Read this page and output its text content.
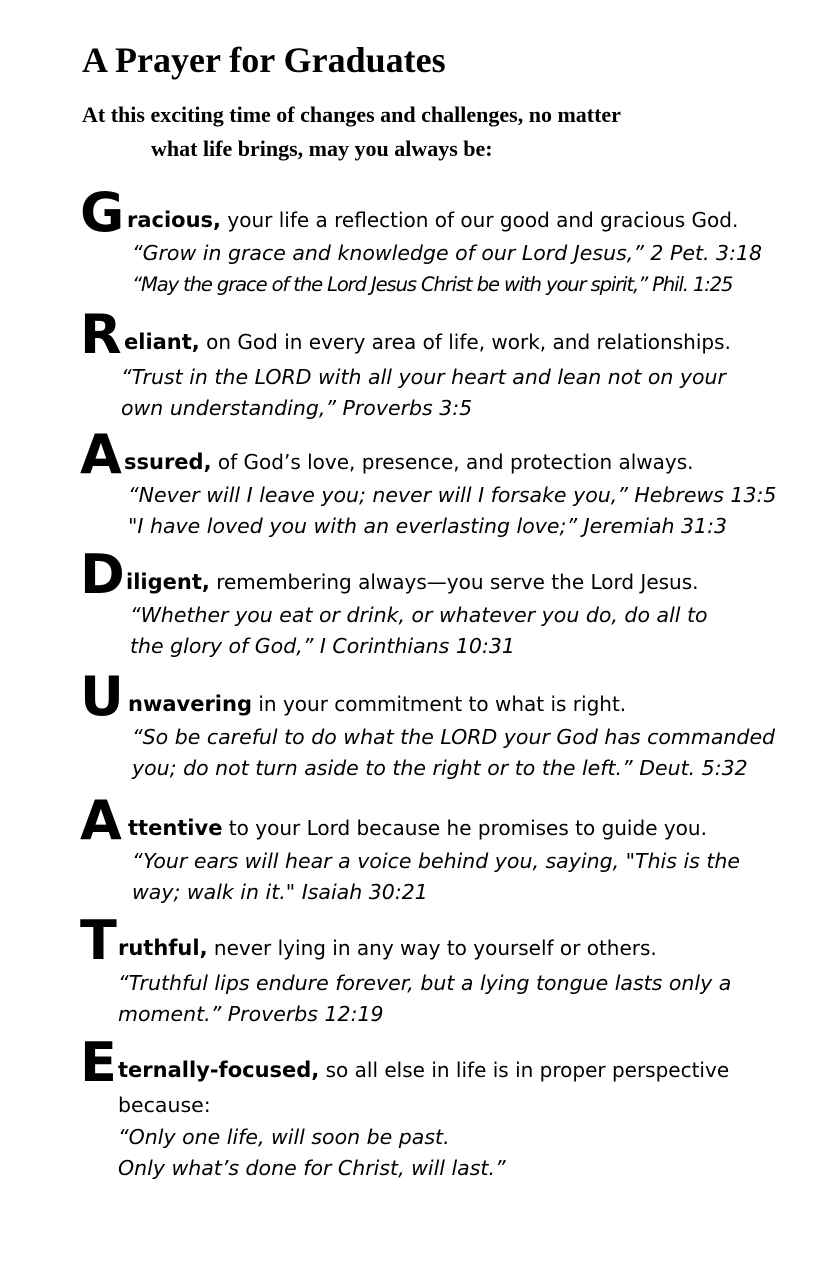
A Prayer for Graduates

At this exciting time of changes and challenges, no matter
what life brings, may you always be:

G racious, your life a reflection of our good and gracious God.
“Grow in grace and knowledge of our Lord Jesus,” 2 Pet. 3:18
“May the grace of the Lord Jesus Christ be with your spirit,” Phil. 1:25
R eliant, on God in every area of life, work, and relationships.
“Trust in the LORD with all your heart and lean not on your
own understanding,” Proverbs 3:5
A ssured, of God’s love, presence, and protection always.
“Never will I leave you; never will I forsake you,” Hebrews 13:5
"I have loved you with an everlasting love;” Jeremiah 31:3
D iligent, remembering always—you serve the Lord Jesus.
“Whether you eat or drink, or whatever you do, do all to
the glory of God,” I Corinthians 10:31
U nwavering in your commitment to what is right.
“So be careful to do what the LORD your God has commanded
you; do not turn aside to the right or to the left.” Deut. 5:32
A ttentive to your Lord because he promises to guide you.
“Your ears will hear a voice behind you, saying, "This is the
way; walk in it." Isaiah 30:21
T ruthful, never lying in any way to yourself or others.
“Truthful lips endure forever, but a lying tongue lasts only a
moment.” Proverbs 12:19
E ternally-focused, so all else in life is in proper perspective
because:
“Only one life, will soon be past.
Only what’s done for Christ, will last.”
